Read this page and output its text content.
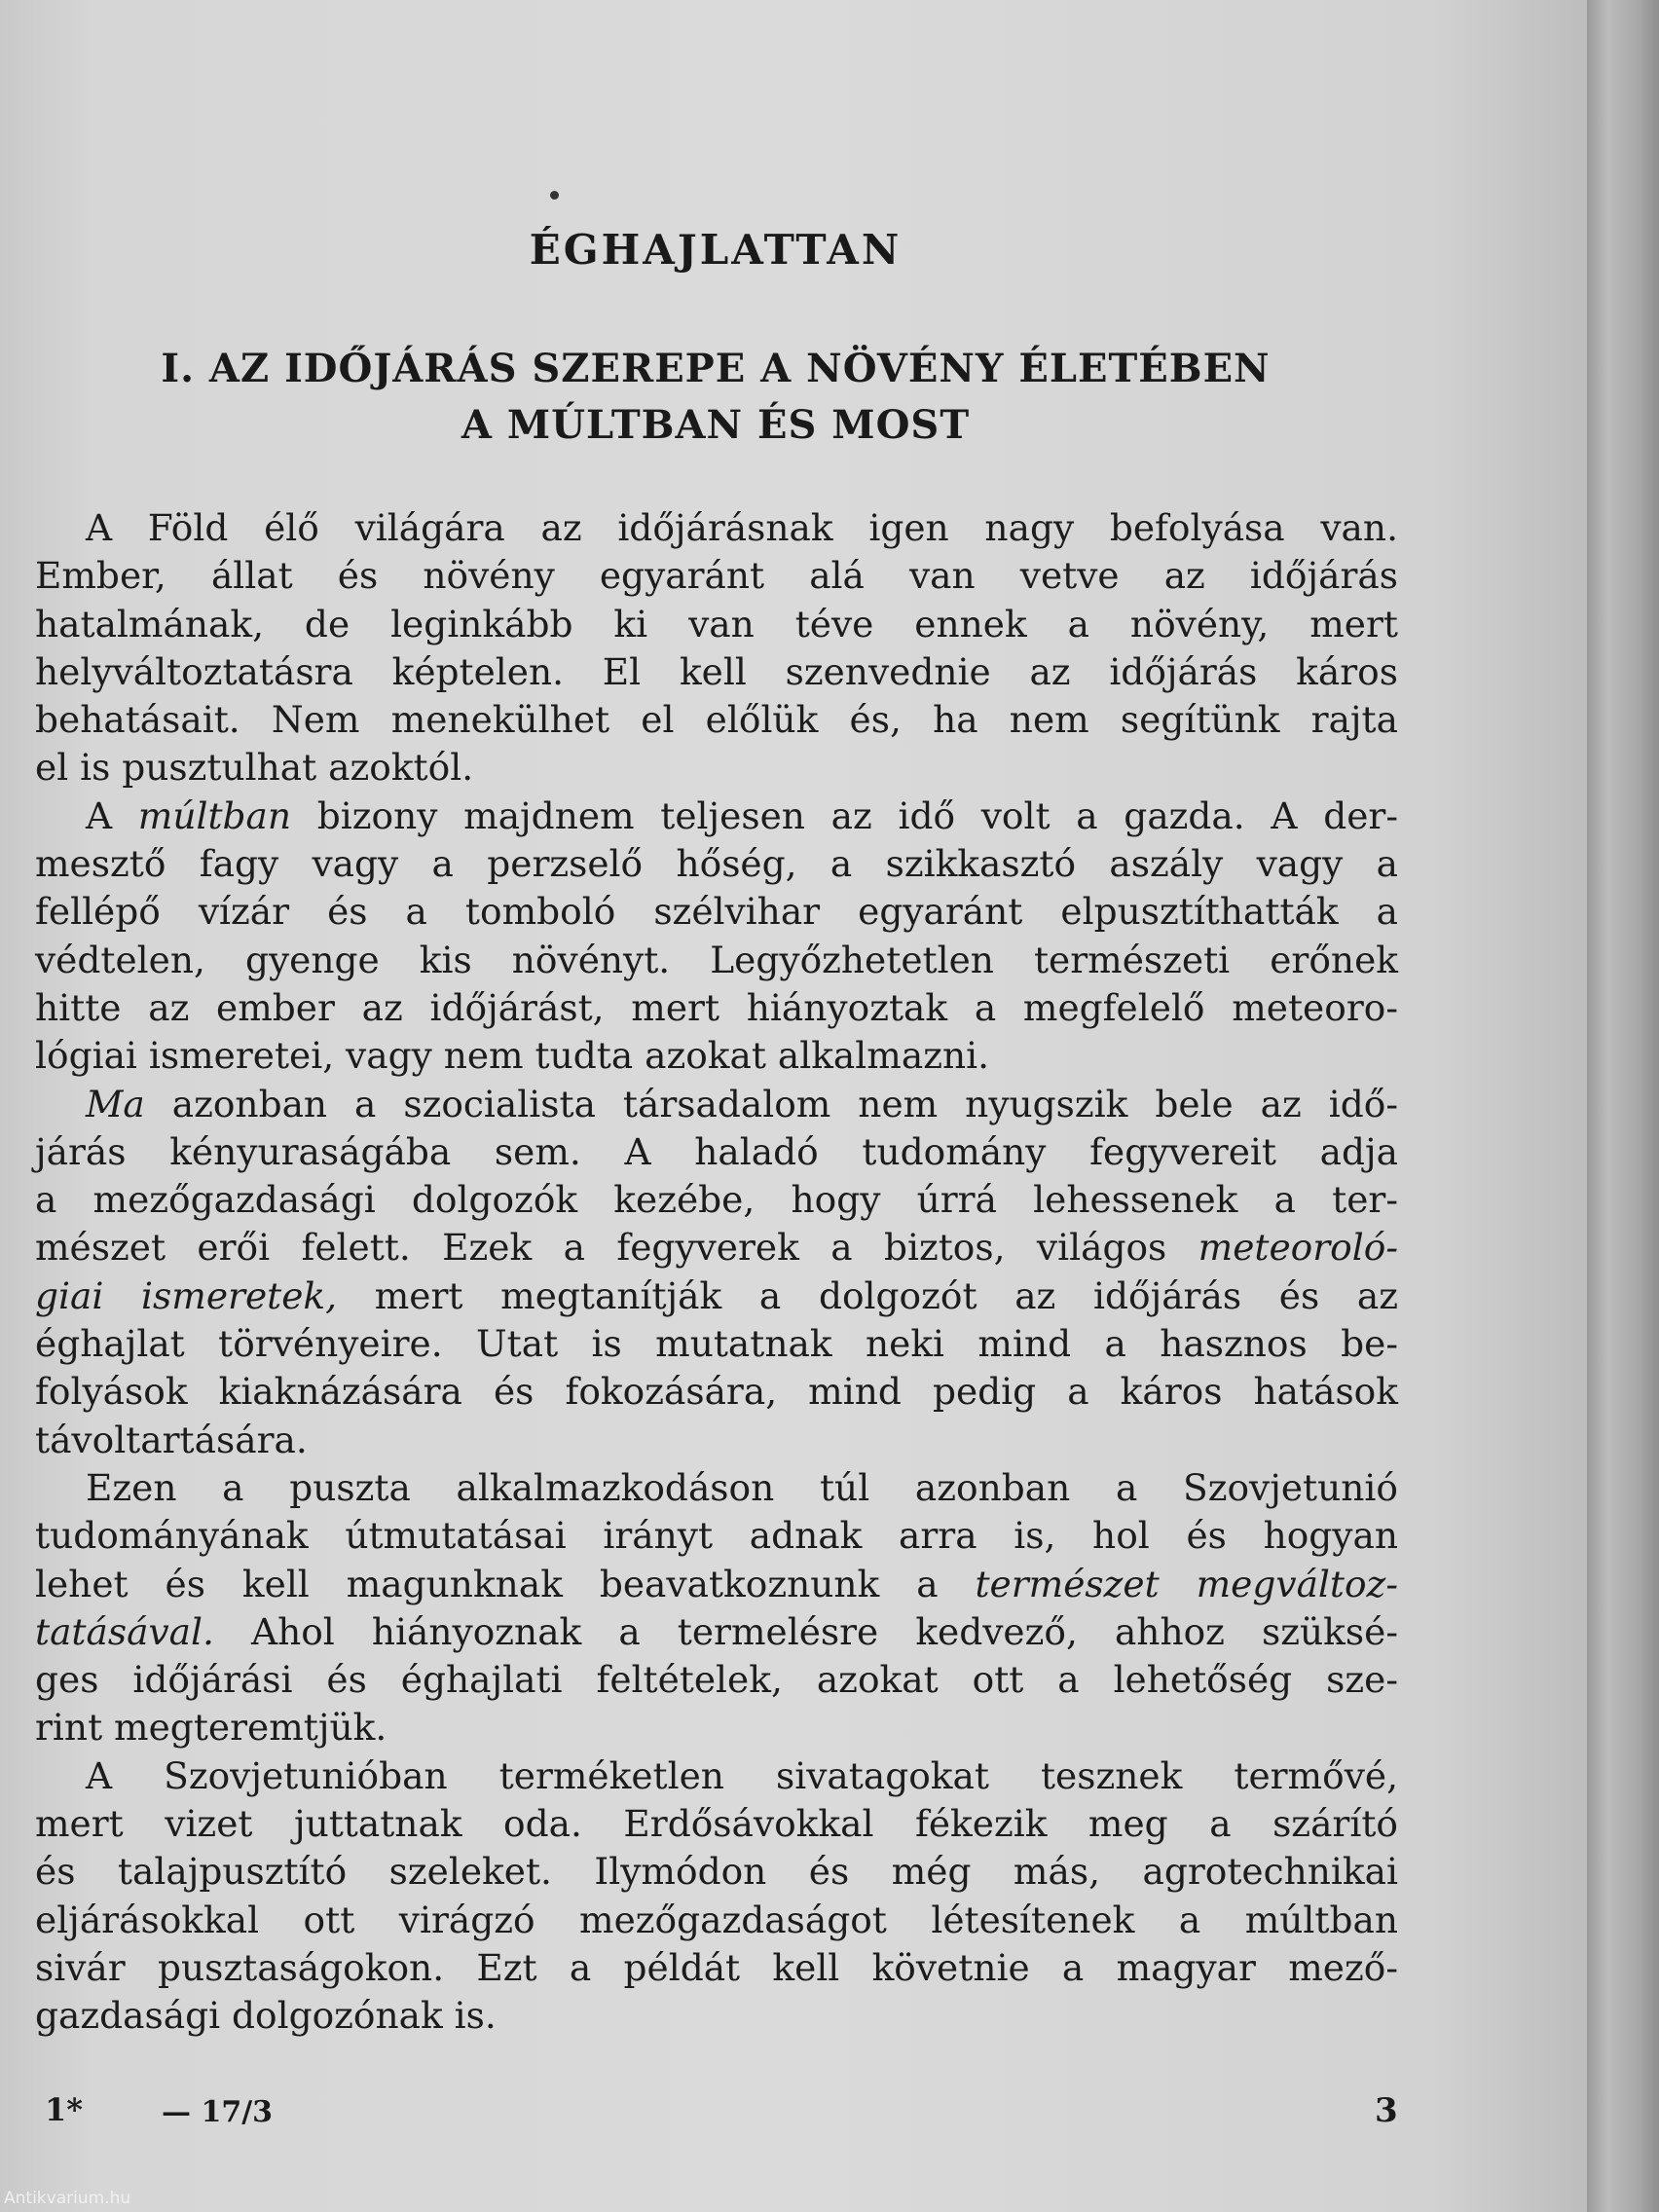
ÉGHAJLATTAN
I. AZ IDŐJÁRÁS SZEREPE A NÖVÉNY ÉLETÉBEN
A MÚLTBAN ÉS MOST

A Föld élő világára az időjárásnak igen nagy befolyása van.
Ember, állat és növény egyaránt alá van vetve az időjárás
hatalmának, de leginkább ki van téve ennek a növény, mert
helyváltoztatásra képtelen. El kell szenvednie az időjárás káros
behatásait. Nem menekülhet el előlük és, ha nem segítünk rajta
el is pusztulhat azoktól.

A múltban bizony majdnem teljesen az idő volt a gazda. A der-
mesztő fagy vagy a perzselő hőség, a szikkasztó aszály vagy a
fellépő vízár és a tomboló szélvihar egyaránt elpusztíthatták a
védtelen, gyenge kis növényt. Legyőzhetetlen természeti erőnek
hitte az ember az időjárást, mert hiányoztak a megfelelő meteoro-
lógiai ismeretei, vagy nem tudta azokat alkalmazni.

Ma azonban a szocialista társadalom nem nyugszik bele az idő-
járás kényuraságába sem. A haladó tudomány fegyvereit adja
a mezőgazdasági dolgozók kezébe, hogy úrrá lehessenek a ter-
mészet erői felett. Ezek a fegyverek a biztos, világos meteoroló-
giai ismeretek, mert megtanítják a dolgozót az időjárás és az
éghajlat törvényeire. Utat is mutatnak neki mind a hasznos be-
folyások kiaknázására és fokozására, mind pedig a káros hatások
távoltartására.

Ezen a puszta alkalmazkodáson túl azonban a Szovjetunió
tudományának útmutatásai irányt adnak arra is, hol és hogyan
lehet és kell magunknak beavatkoznunk a természet megváltoz-
tatásával. Ahol hiányoznak a termelésre kedvező, ahhoz szüksé-
ges időjárási és éghajlati feltételek, azokat ott a lehetőség sze-
rint megteremtjük.

A Szovjetunióban terméketlen sivatagokat tesznek termővé,
mert vizet juttatnak oda. Erdősávokkal fékezik meg a szárító
és talajpusztító szeleket. Ilymódon és még más, agrotechnikai
eljárásokkal ott virágzó mezőgazdaságot létesítenek a múltban
sivár pusztaságokon. Ezt a példát kell követnie a magyar mező-
gazdasági dolgozónak is.

1*	— 17/3	3
Antikvarium.hu
